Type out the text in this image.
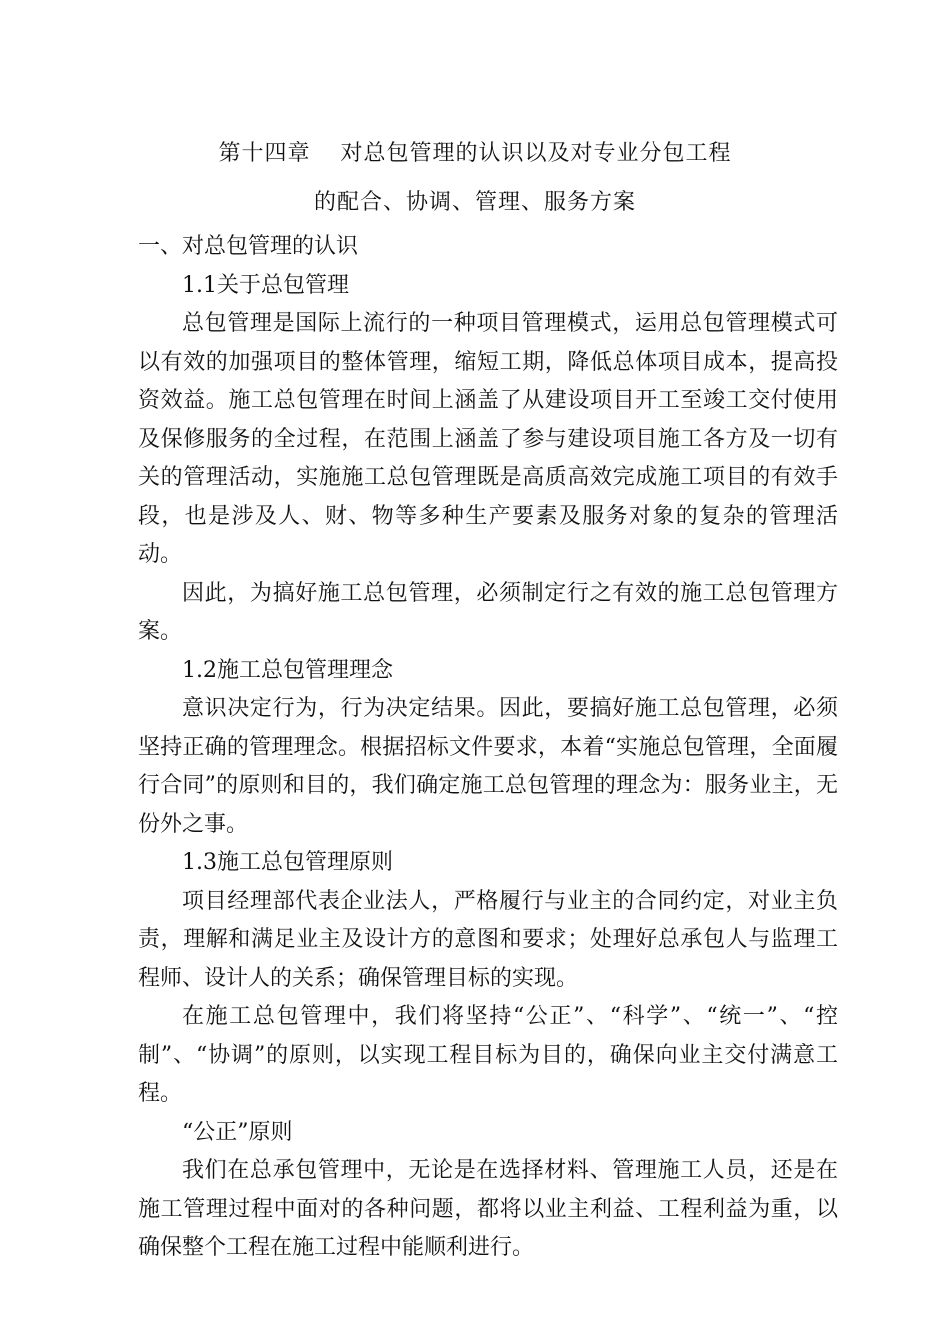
第十四章 对总包管理的认识以及对专业分包工程
的配合、协调、管理、服务方案

一、对总包管理的认识

1.1关于总包管理

总包管理是国际上流行的一种项目管理模式，运用总包管理模式可以有效的加强项目的整体管理，缩短工期，降低总体项目成本，提高投资效益。施工总包管理在时间上涵盖了从建设项目开工至竣工交付使用及保修服务的全过程，在范围上涵盖了参与建设项目施工各方及一切有关的管理活动，实施施工总包管理既是高质高效完成施工项目的有效手段，也是涉及人、财、物等多种生产要素及服务对象的复杂的管理活动。

因此，为搞好施工总包管理，必须制定行之有效的施工总包管理方案。

1.2施工总包管理理念

意识决定行为，行为决定结果。因此，要搞好施工总包管理，必须坚持正确的管理理念。根据招标文件要求，本着“实施总包管理，全面履行合同”的原则和目的，我们确定施工总包管理的理念为：服务业主，无份外之事。

1.3施工总包管理原则

项目经理部代表企业法人，严格履行与业主的合同约定，对业主负责，理解和满足业主及设计方的意图和要求；处理好总承包人与监理工程师、设计人的关系；确保管理目标的实现。

在施工总包管理中，我们将坚持“公正”、“科学”、“统一”、“控制”、“协调”的原则，以实现工程目标为目的，确保向业主交付满意工程。

“公正”原则

我们在总承包管理中，无论是在选择材料、管理施工人员，还是在施工管理过程中面对的各种问题，都将以业主利益、工程利益为重，以确保整个工程在施工过程中能顺利进行。
